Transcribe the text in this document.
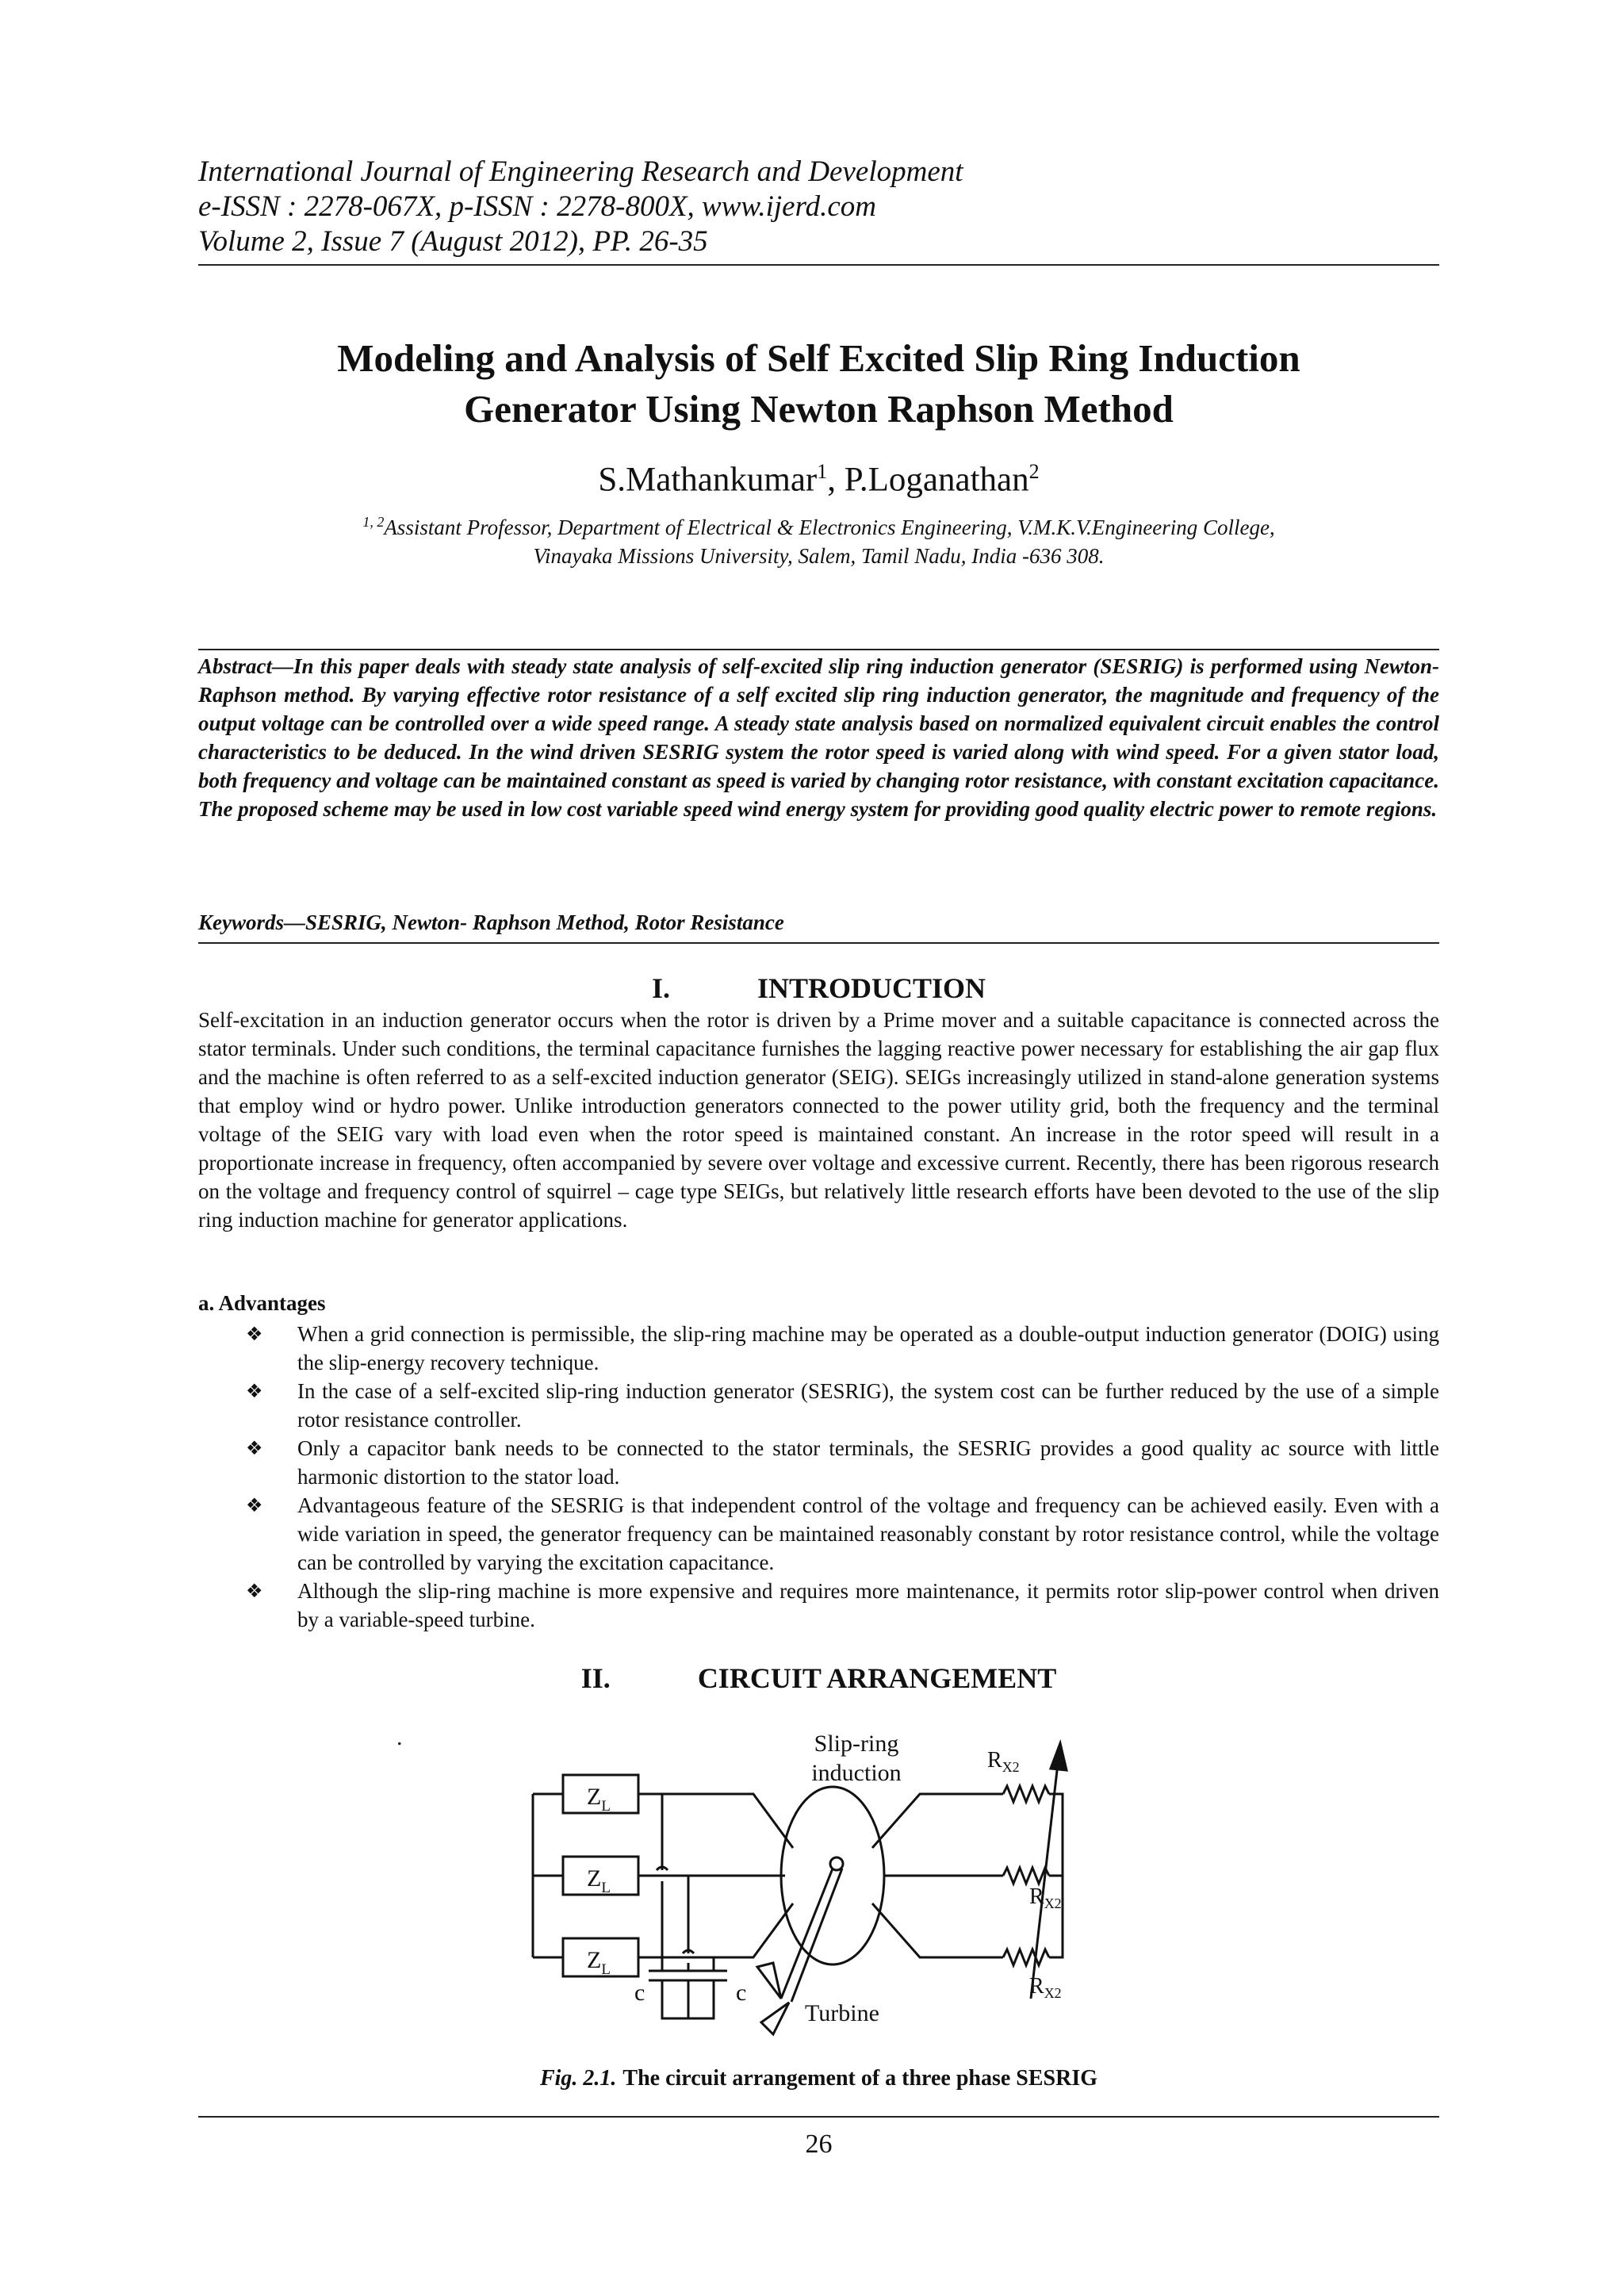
International Journal of Engineering Research and Development
e-ISSN : 2278-067X, p-ISSN : 2278-800X, www.ijerd.com
Volume 2, Issue 7 (August 2012), PP. 26-35
Modeling and Analysis of Self Excited Slip Ring Induction
Generator Using Newton Raphson Method
S.Mathankumar$^1$, P.Loganathan$^2$
$^{1, 2}$Assistant Professor, Department of Electrical & Electronics Engineering, V.M.K.V.Engineering College,
Vinayaka Missions University, Salem, Tamil Nadu, India -636 308.
Abstract—In this paper deals with steady state analysis of self-excited slip ring induction generator (SESRIG) is performed using Newton- Raphson method. By varying effective rotor resistance of a self excited slip ring induction generator, the magnitude and frequency of the output voltage can be controlled over a wide speed range. A steady state analysis based on normalized equivalent circuit enables the control characteristics to be deduced. In the wind driven SESRIG system the rotor speed is varied along with wind speed. For a given stator load, both frequency and voltage can be maintained constant as speed is varied by changing rotor resistance, with constant excitation capacitance. The proposed scheme may be used in low cost variable speed wind energy system for providing good quality electric power to remote regions.
Keywords—SESRIG, Newton- Raphson Method, Rotor Resistance
I.	INTRODUCTION
Self-excitation in an induction generator occurs when the rotor is driven by a Prime mover and a suitable capacitance is connected across the stator terminals. Under such conditions, the terminal capacitance furnishes the lagging reactive power necessary for establishing the air gap flux and the machine is often referred to as a self-excited induction generator (SEIG). SEIGs increasingly utilized in stand-alone generation systems that employ wind or hydro power. Unlike introduction generators connected to the power utility grid, both the frequency and the terminal voltage of the SEIG vary with load even when the rotor speed is maintained constant. An increase in the rotor speed will result in a proportionate increase in frequency, often accompanied by severe over voltage and excessive current. Recently, there has been rigorous research on the voltage and frequency control of squirrel – cage type SEIGs, but relatively little research efforts have been devoted to the use of the slip ring induction machine for generator applications.
a. Advantages
❖ When a grid connection is permissible, the slip-ring machine may be operated as a double-output induction generator (DOIG) using the slip-energy recovery technique.
❖ In the case of a self-excited slip-ring induction generator (SESRIG), the system cost can be further reduced by the use of a simple rotor resistance controller.
❖ Only a capacitor bank needs to be connected to the stator terminals, the SESRIG provides a good quality ac source with little harmonic distortion to the stator load.
❖ Advantageous feature of the SESRIG is that independent control of the voltage and frequency can be achieved easily. Even with a wide variation in speed, the generator frequency can be maintained reasonably constant by rotor resistance control, while the voltage can be controlled by varying the excitation capacitance.
❖ Although the slip-ring machine is more expensive and requires more maintenance, it permits rotor slip-power control when driven by a variable-speed turbine.
II.	CIRCUIT ARRANGEMENT
.
$Z_L$
$Z_L$
$Z_L$
c	c
Slip-ring
induction
Turbine
$R_{X2}$
$R_{X2}$
$R_{X2}$
Fig. 2.1. The circuit arrangement of a three phase SESRIG
26
